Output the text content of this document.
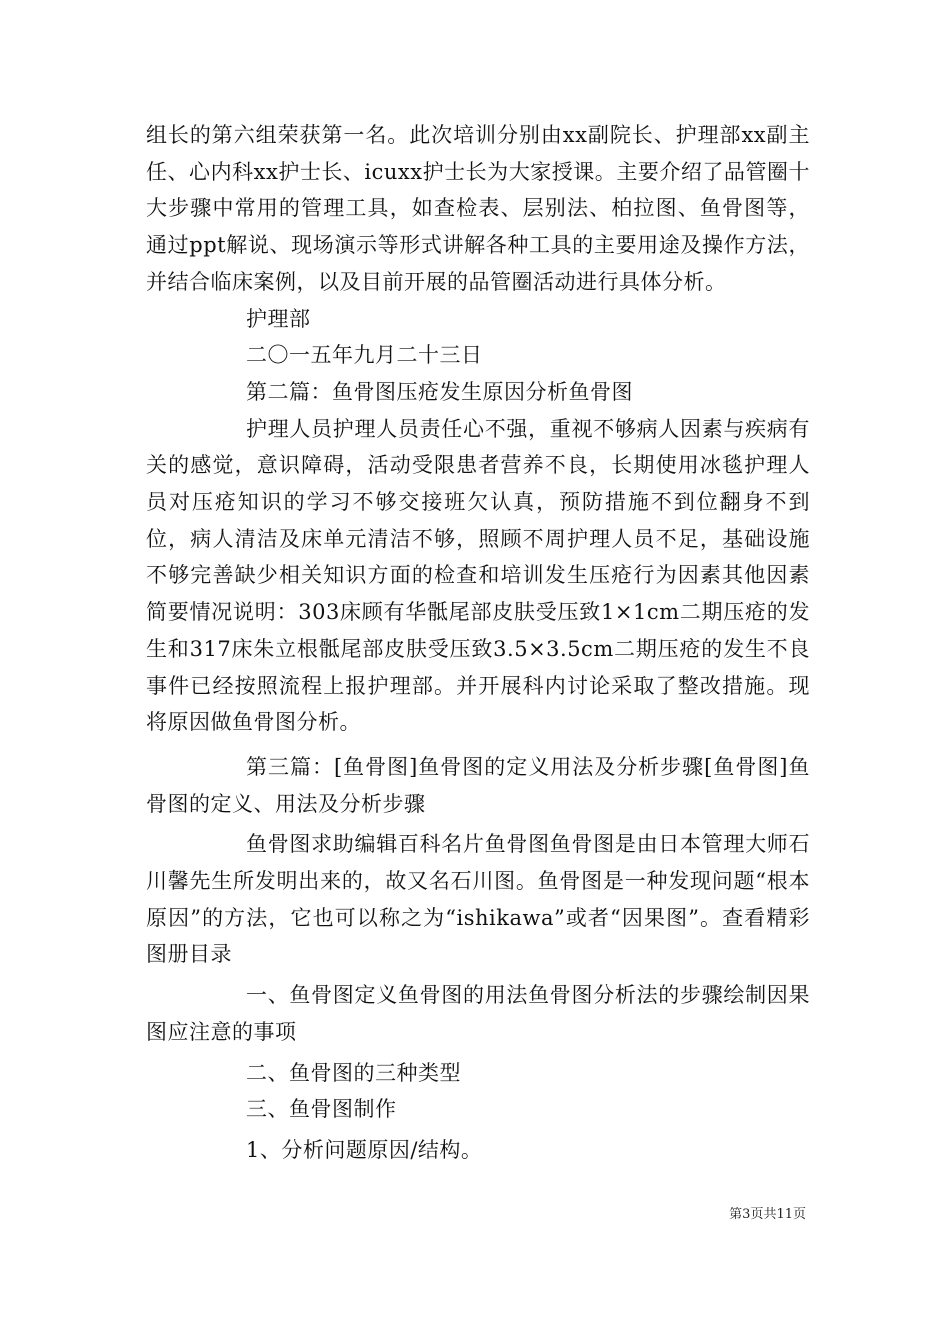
组长的第六组荣获第一名。此次培训分别由xx副院长、护理部xx副主任、心内科xx护士长、icuxx护士长为大家授课。主要介绍了品管圈十大步骤中常用的管理工具，如查检表、层别法、柏拉图、鱼骨图等，通过ppt解说、现场演示等形式讲解各种工具的主要用途及操作方法，并结合临床案例，以及目前开展的品管圈活动进行具体分析。

护理部

二〇一五年九月二十三日

第二篇：鱼骨图压疮发生原因分析鱼骨图

护理人员护理人员责任心不强，重视不够病人因素与疾病有关的感觉，意识障碍，活动受限患者营养不良，长期使用冰毯护理人员对压疮知识的学习不够交接班欠认真，预防措施不到位翻身不到位，病人清洁及床单元清洁不够，照顾不周护理人员不足，基础设施不够完善缺少相关知识方面的检查和培训发生压疮行为因素其他因素简要情况说明：303床顾有华骶尾部皮肤受压致1×1cm二期压疮的发生和317床朱立根骶尾部皮肤受压致3.5×3.5cm二期压疮的发生不良事件已经按照流程上报护理部。并开展科内讨论采取了整改措施。现将原因做鱼骨图分析。

第三篇：[鱼骨图]鱼骨图的定义用法及分析步骤[鱼骨图]鱼骨图的定义、用法及分析步骤

鱼骨图求助编辑百科名片鱼骨图鱼骨图是由日本管理大师石川馨先生所发明出来的，故又名石川图。鱼骨图是一种发现问题“根本原因”的方法，它也可以称之为“ishikawa”或者“因果图”。查看精彩图册目录

一、鱼骨图定义鱼骨图的用法鱼骨图分析法的步骤绘制因果图应注意的事项

二、鱼骨图的三种类型

三、鱼骨图制作

1、分析问题原因/结构。

第3页共11页
